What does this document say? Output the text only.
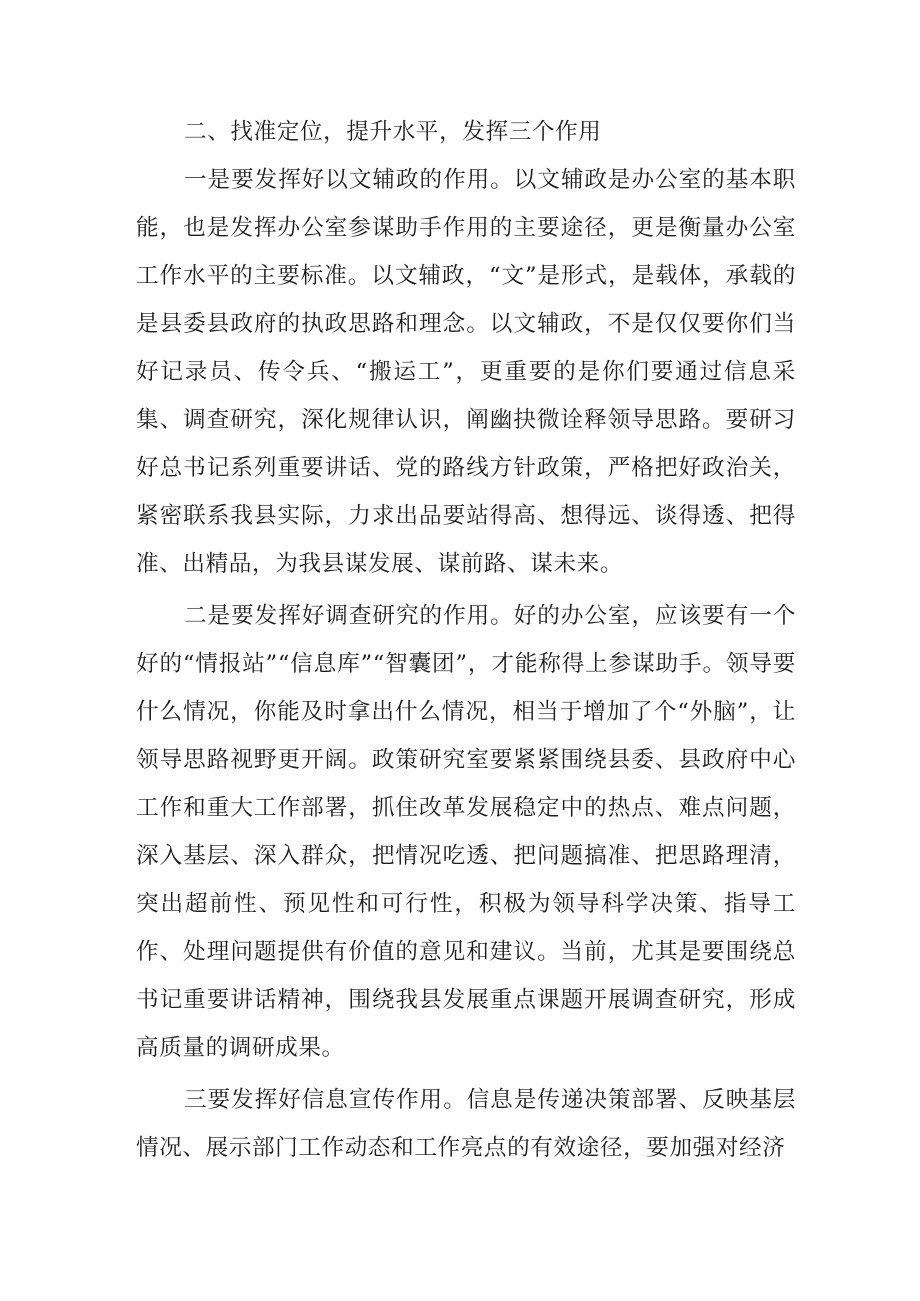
二、找准定位，提升水平，发挥三个作用

一是要发挥好以文辅政的作用。以文辅政是办公室的基本职能，也是发挥办公室参谋助手作用的主要途径，更是衡量办公室工作水平的主要标准。以文辅政，“文”是形式，是载体，承载的是县委县政府的执政思路和理念。以文辅政，不是仅仅要你们当好记录员、传令兵、“搬运工”，更重要的是你们要通过信息采集、调查研究，深化规律认识，阐幽抉微诠释领导思路。要研习好总书记系列重要讲话、党的路线方针政策，严格把好政治关，紧密联系我县实际，力求出品要站得高、想得远、谈得透、把得准、出精品，为我县谋发展、谋前路、谋未来。

二是要发挥好调查研究的作用。好的办公室，应该要有一个好的“情报站”“信息库”“智囊团”，才能称得上参谋助手。领导要什么情况，你能及时拿出什么情况，相当于增加了个“外脑”，让领导思路视野更开阔。政策研究室要紧紧围绕县委、县政府中心工作和重大工作部署，抓住改革发展稳定中的热点、难点问题，深入基层、深入群众，把情况吃透、把问题搞准、把思路理清，突出超前性、预见性和可行性，积极为领导科学决策、指导工作、处理问题提供有价值的意见和建议。当前，尤其是要围绕总书记重要讲话精神，围绕我县发展重点课题开展调查研究，形成高质量的调研成果。

三要发挥好信息宣传作用。信息是传递决策部署、反映基层情况、展示部门工作动态和工作亮点的有效途径，要加强对经济
